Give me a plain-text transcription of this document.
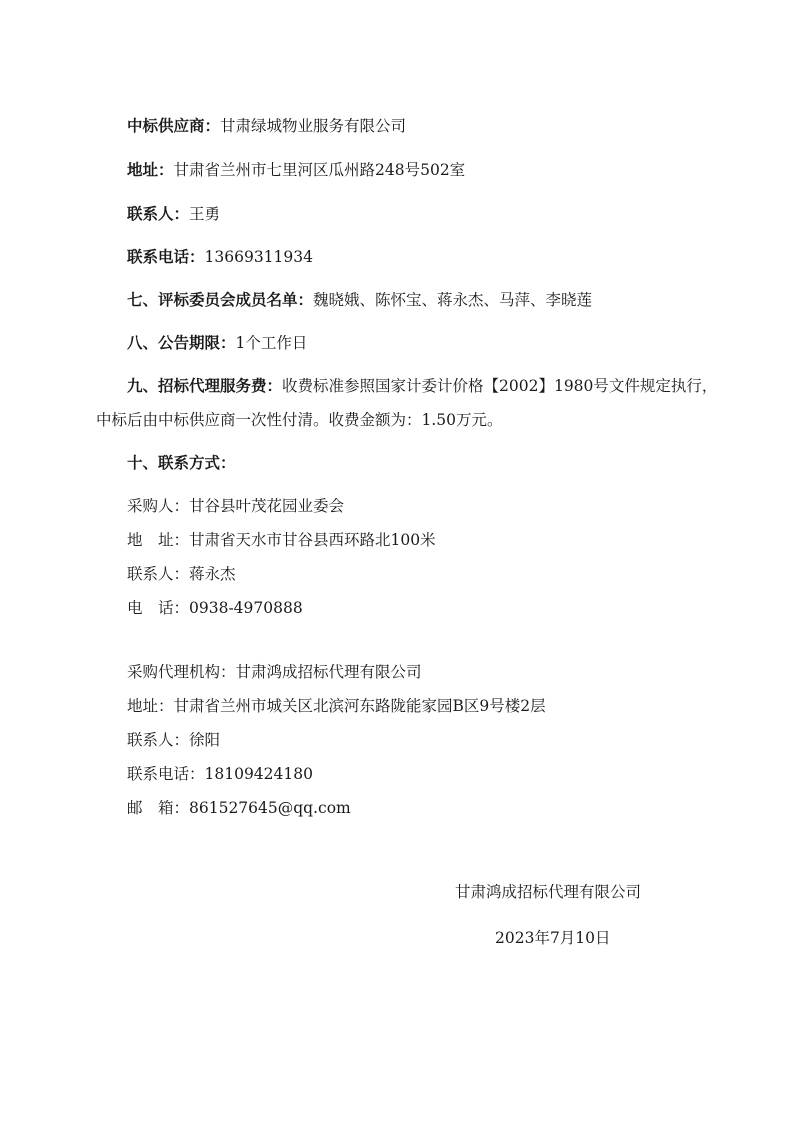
中标供应商：甘肃绿城物业服务有限公司
地址：甘肃省兰州市七里河区瓜州路248号502室
联系人：王勇
联系电话：13669311934
七、评标委员会成员名单：魏晓娥、陈怀宝、蒋永杰、马萍、李晓莲
八、公告期限：1个工作日
九、招标代理服务费：收费标准参照国家计委计价格【2002】1980号文件规定执行，
中标后由中标供应商一次性付清。收费金额为：1.50万元。
十、联系方式：
采购人：甘谷县叶茂花园业委会
地　址：甘肃省天水市甘谷县西环路北100米
联系人：蒋永杰
电　话：0938-4970888
采购代理机构：甘肃鸿成招标代理有限公司
地址：甘肃省兰州市城关区北滨河东路陇能家园B区9号楼2层
联系人：徐阳
联系电话：18109424180
邮　箱：861527645@qq.com
甘肃鸿成招标代理有限公司
2023年7月10日
